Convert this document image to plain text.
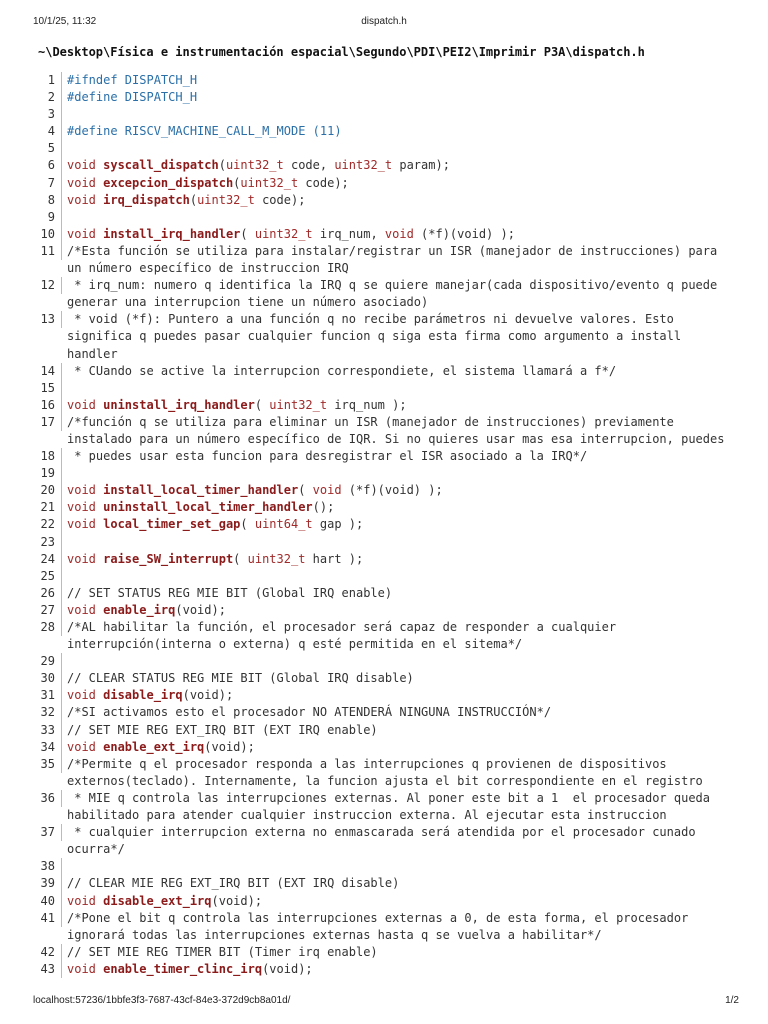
10/1/25, 11:32	dispatch.h
~\Desktop\Física e instrumentación espacial\Segundo\PDI\PEI2\Imprimir P3A\dispatch.h
1	#ifndef DISPATCH_H
2	#define DISPATCH_H
3

4	#define RISCV_MACHINE_CALL_M_MODE (11)
5

6	void syscall_dispatch(uint32_t code, uint32_t param);
7	void excepcion_dispatch(uint32_t code);
8	void irq_dispatch(uint32_t code);
9

10	void install_irq_handler( uint32_t irq_num, void (*f)(void) );
11	/*Esta función se utiliza para instalar/registrar un ISR (manejador de instrucciones) para un número específico de instruccion IRQ
12	* irq_num: numero q identifica la IRQ q se quiere manejar(cada dispositivo/evento q puede generar una interrupcion tiene un número asociado)
13	* void (*f): Puntero a una función q no recibe parámetros ni devuelve valores. Esto significa q puedes pasar cualquier funcion q siga esta firma como argumento a install handler
14	* CUando se active la interrupcion correspondiete, el sistema llamará a f*/
15

16	void uninstall_irq_handler( uint32_t irq_num );
17	/*función q se utiliza para eliminar un ISR (manejador de instrucciones) previamente instalado para un número específico de IQR. Si no quieres usar mas esa interrupcion, puedes
18	* puedes usar esta funcion para desregistrar el ISR asociado a la IRQ*/
19

20	void install_local_timer_handler( void (*f)(void) );
21	void uninstall_local_timer_handler();
22	void local_timer_set_gap( uint64_t gap );
23

24	void raise_SW_interrupt( uint32_t hart );
25

26	// SET STATUS REG MIE BIT (Global IRQ enable)
27	void enable_irq(void);
28	/*AL habilitar la función, el procesador será capaz de responder a cualquier interrupción(interna o externa) q esté permitida en el sitema*/
29

30	// CLEAR STATUS REG MIE BIT (Global IRQ disable)
31	void disable_irq(void);
32	/*SI activamos esto el procesador NO ATENDERÁ NINGUNA INSTRUCCIÓN*/
33	// SET MIE REG EXT_IRQ BIT (EXT IRQ enable)
34	void enable_ext_irq(void);
35	/*Permite q el procesador responda a las interrupciones q provienen de dispositivos externos(teclado). Internamente, la funcion ajusta el bit correspondiente en el registro
36	* MIE q controla las interrupciones externas. Al poner este bit a 1  el procesador queda habilitado para atender cualquier instruccion externa. Al ejecutar esta instruccion
37	* cualquier interrupcion externa no enmascarada será atendida por el procesador cunado ocurra*/
38

39	// CLEAR MIE REG EXT_IRQ BIT (EXT IRQ disable)
40	void disable_ext_irq(void);
41	/*Pone el bit q controla las interrupciones externas a 0, de esta forma, el procesador ignorará todas las interrupciones externas hasta q se vuelva a habilitar*/
42	// SET MIE REG TIMER BIT (Timer irq enable)
43	void enable_timer_clinc_irq(void);
localhost:57236/1bbfe3f3-7687-43cf-84e3-372d9cb8a01d/	1/2
